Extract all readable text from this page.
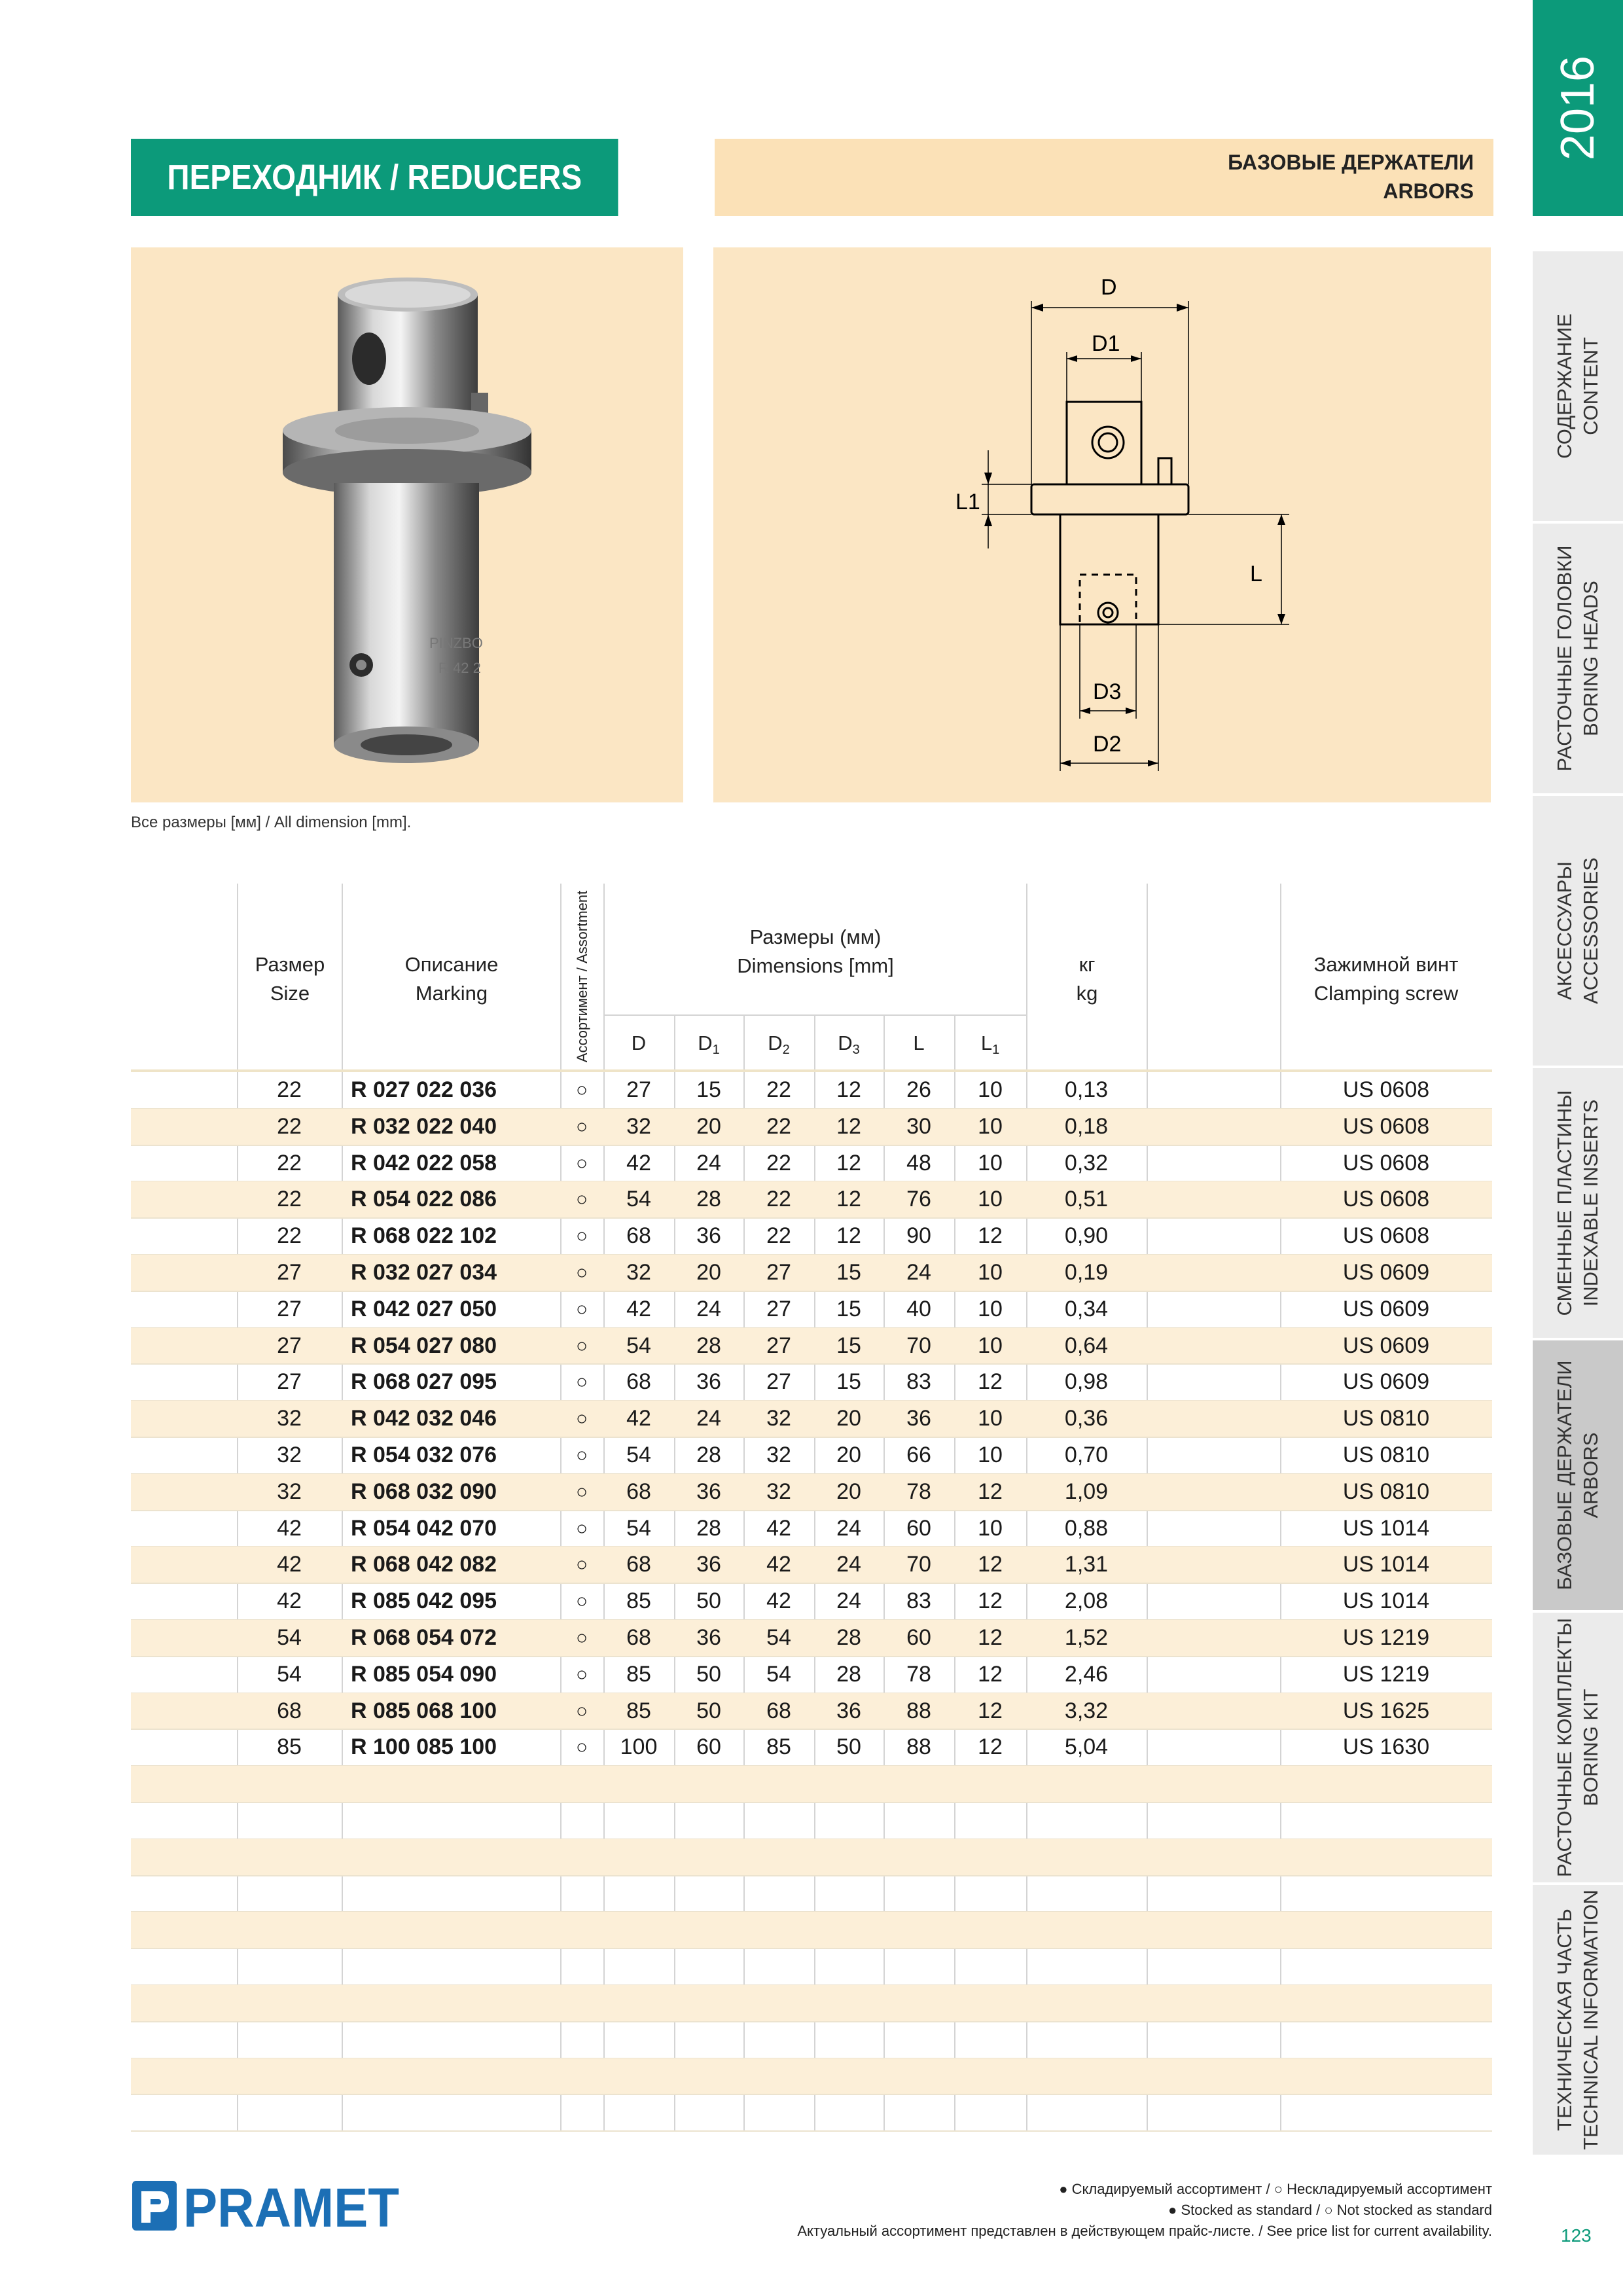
ПЕРЕХОДНИК / REDUCERS	БАЗОВЫЕ ДЕРЖАТЕЛИ
ARBORS
2016
СОДЕРЖАНИЕ CONTENT
РАСТОЧНЫЕ ГОЛОВКИ BORING HEADS
АКСЕССУАРЫ ACCESSORIES
СМЕННЫЕ ПЛАСТИНЫ INDEXABLE INSERTS
БАЗОВЫЕ ДЕРЖАТЕЛИ ARBORS
РАСТОЧНЫЕ КОМПЛЕКТЫ BORING KIT
ТЕХНИЧЕСКАЯ ЧАСТЬ TECHNICAL INFORMATION
PINZBO
R 42 2
D
D1
L1
L
D3
D2
Все размеры [мм] / All dimension [mm].
Размер
Size
Описание
Marking	Ассортимент / Assortment	Размеры (мм)
Dimensions [mm]
D	$D_1$	$D_2$	$D_3$	L	$L_1$
кг
kg
Зажимной винт
Clamping screw
22	R 027 022 036	○	27	15	22	12	26	10	0,13	US 0608
22	R 032 022 040	○	32	20	22	12	30	10	0,18	US 0608
22	R 042 022 058	○	42	24	22	12	48	10	0,32	US 0608
22	R 054 022 086	○	54	28	22	12	76	10	0,51	US 0608
22	R 068 022 102	○	68	36	22	12	90	12	0,90	US 0608
27	R 032 027 034	○	32	20	27	15	24	10	0,19	US 0609
27	R 042 027 050	○	42	24	27	15	40	10	0,34	US 0609
27	R 054 027 080	○	54	28	27	15	70	10	0,64	US 0609
27	R 068 027 095	○	68	36	27	15	83	12	0,98	US 0609
32	R 042 032 046	○	42	24	32	20	36	10	0,36	US 0810
32	R 054 032 076	○	54	28	32	20	66	10	0,70	US 0810
32	R 068 032 090	○	68	36	32	20	78	12	1,09	US 0810
42	R 054 042 070	○	54	28	42	24	60	10	0,88	US 1014
42	R 068 042 082	○	68	36	42	24	70	12	1,31	US 1014
42	R 085 042 095	○	85	50	42	24	83	12	2,08	US 1014
54	R 068 054 072	○	68	36	54	28	60	12	1,52	US 1219
54	R 085 054 090	○	85	50	54	28	78	12	2,46	US 1219
68	R 085 068 100	○	85	50	68	36	88	12	3,32	US 1625
85	R 100 085 100	○	100	60	85	50	88	12	5,04	US 1630
PRAMET	● Складируемый ассортимент / ○ Нескладируемый ассортимент
● Stocked as standard / ○ Not stocked as standard
Актуальный ассортимент представлен в действующем прайс-листе. / See price list for current availability.	123
